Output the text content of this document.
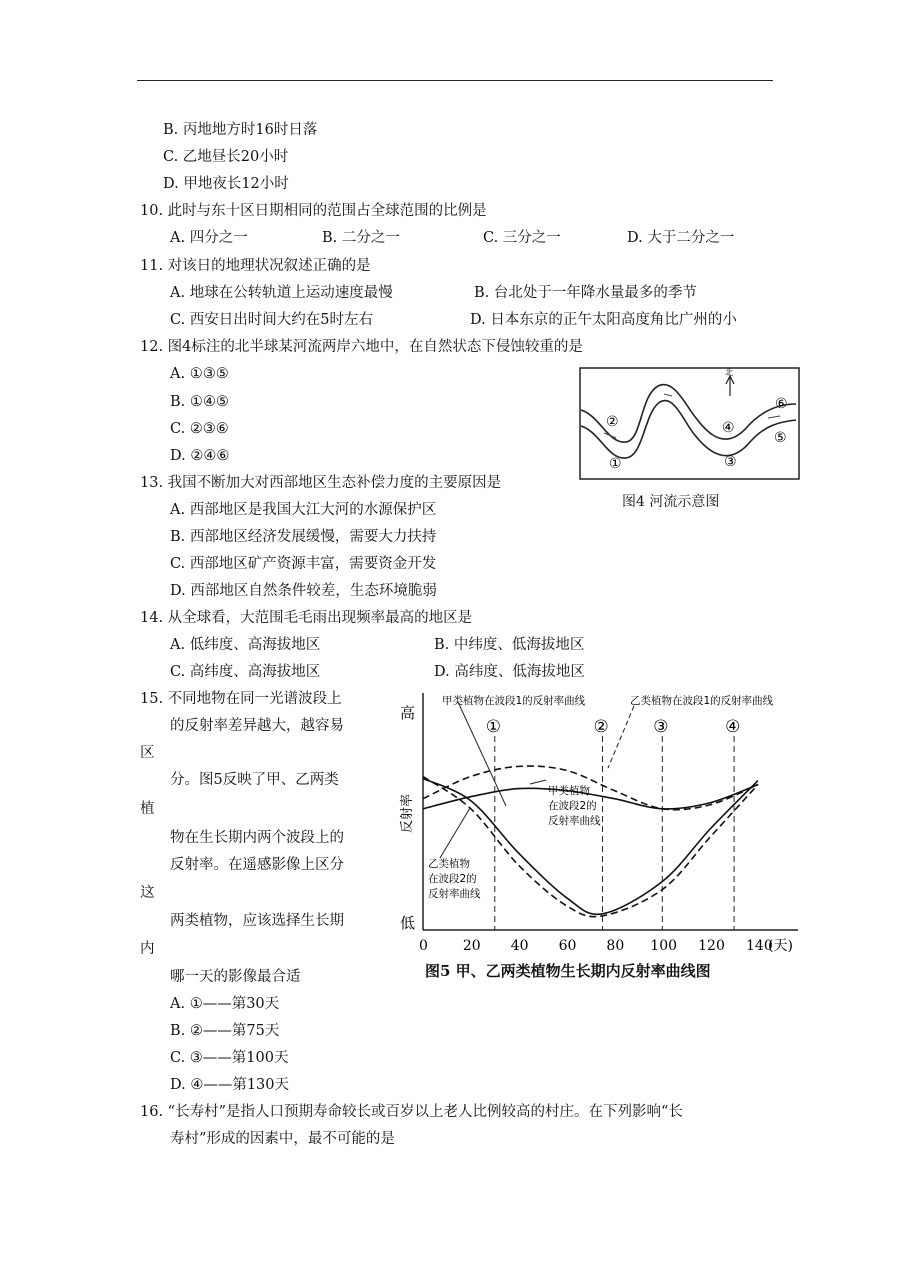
B. 丙地地方时16时日落
C. 乙地昼长20小时
D. 甲地夜长12小时
10. 此时与东十区日期相同的范围占全球范围的比例是
A. 四分之一	B. 二分之一	C. 三分之一	D. 大于二分之一
11. 对该日的地理状况叙述正确的是
A. 地球在公转轨道上运动速度最慢	B. 台北处于一年降水量最多的季节
C. 西安日出时间大约在5时左右	D. 日本东京的正午太阳高度角比广州的小
12. 图4标注的北半球某河流两岸六地中，在自然状态下侵蚀较重的是
A. ①③⑤
B. ①④⑤
C. ②③⑥
D. ②④⑥
北
①
②
③
④
⑤
⑥
图4 河流示意图
13. 我国不断加大对西部地区生态补偿力度的主要原因是
A. 西部地区是我国大江大河的水源保护区
B. 西部地区经济发展缓慢，需要大力扶持
C. 西部地区矿产资源丰富，需要资金开发
D. 西部地区自然条件较差，生态环境脆弱
14. 从全球看，大范围毛毛雨出现频率最高的地区是
A. 低纬度、高海拔地区	B. 中纬度、低海拔地区
C. 高纬度、高海拔地区	D. 高纬度、低海拔地区
15. 不同地物在同一光谱波段上
的反射率差异越大，越容易
区
分。图5反映了甲、乙两类
植
物在生长期内两个波段上的
反射率。在遥感影像上区分
这
两类植物，应该选择生长期
内
哪一天的影像最合适
A. ①——第30天
B. ②——第75天
C. ③——第100天
D. ④——第130天
高
低
反射率
0 20 40 60 80 100 120 140
(天)
①	②	③	④
甲类植物在波段1的反射率曲线	乙类植物在波段1的反射率曲线
甲类植物
在波段2的
反射率曲线
乙类植物
在波段2的
反射率曲线
图5 甲、乙两类植物生长期内反射率曲线图
16. “长寿村”是指人口预期寿命较长或百岁以上老人比例较高的村庄。在下列影响“长
寿村”形成的因素中，最不可能的是
